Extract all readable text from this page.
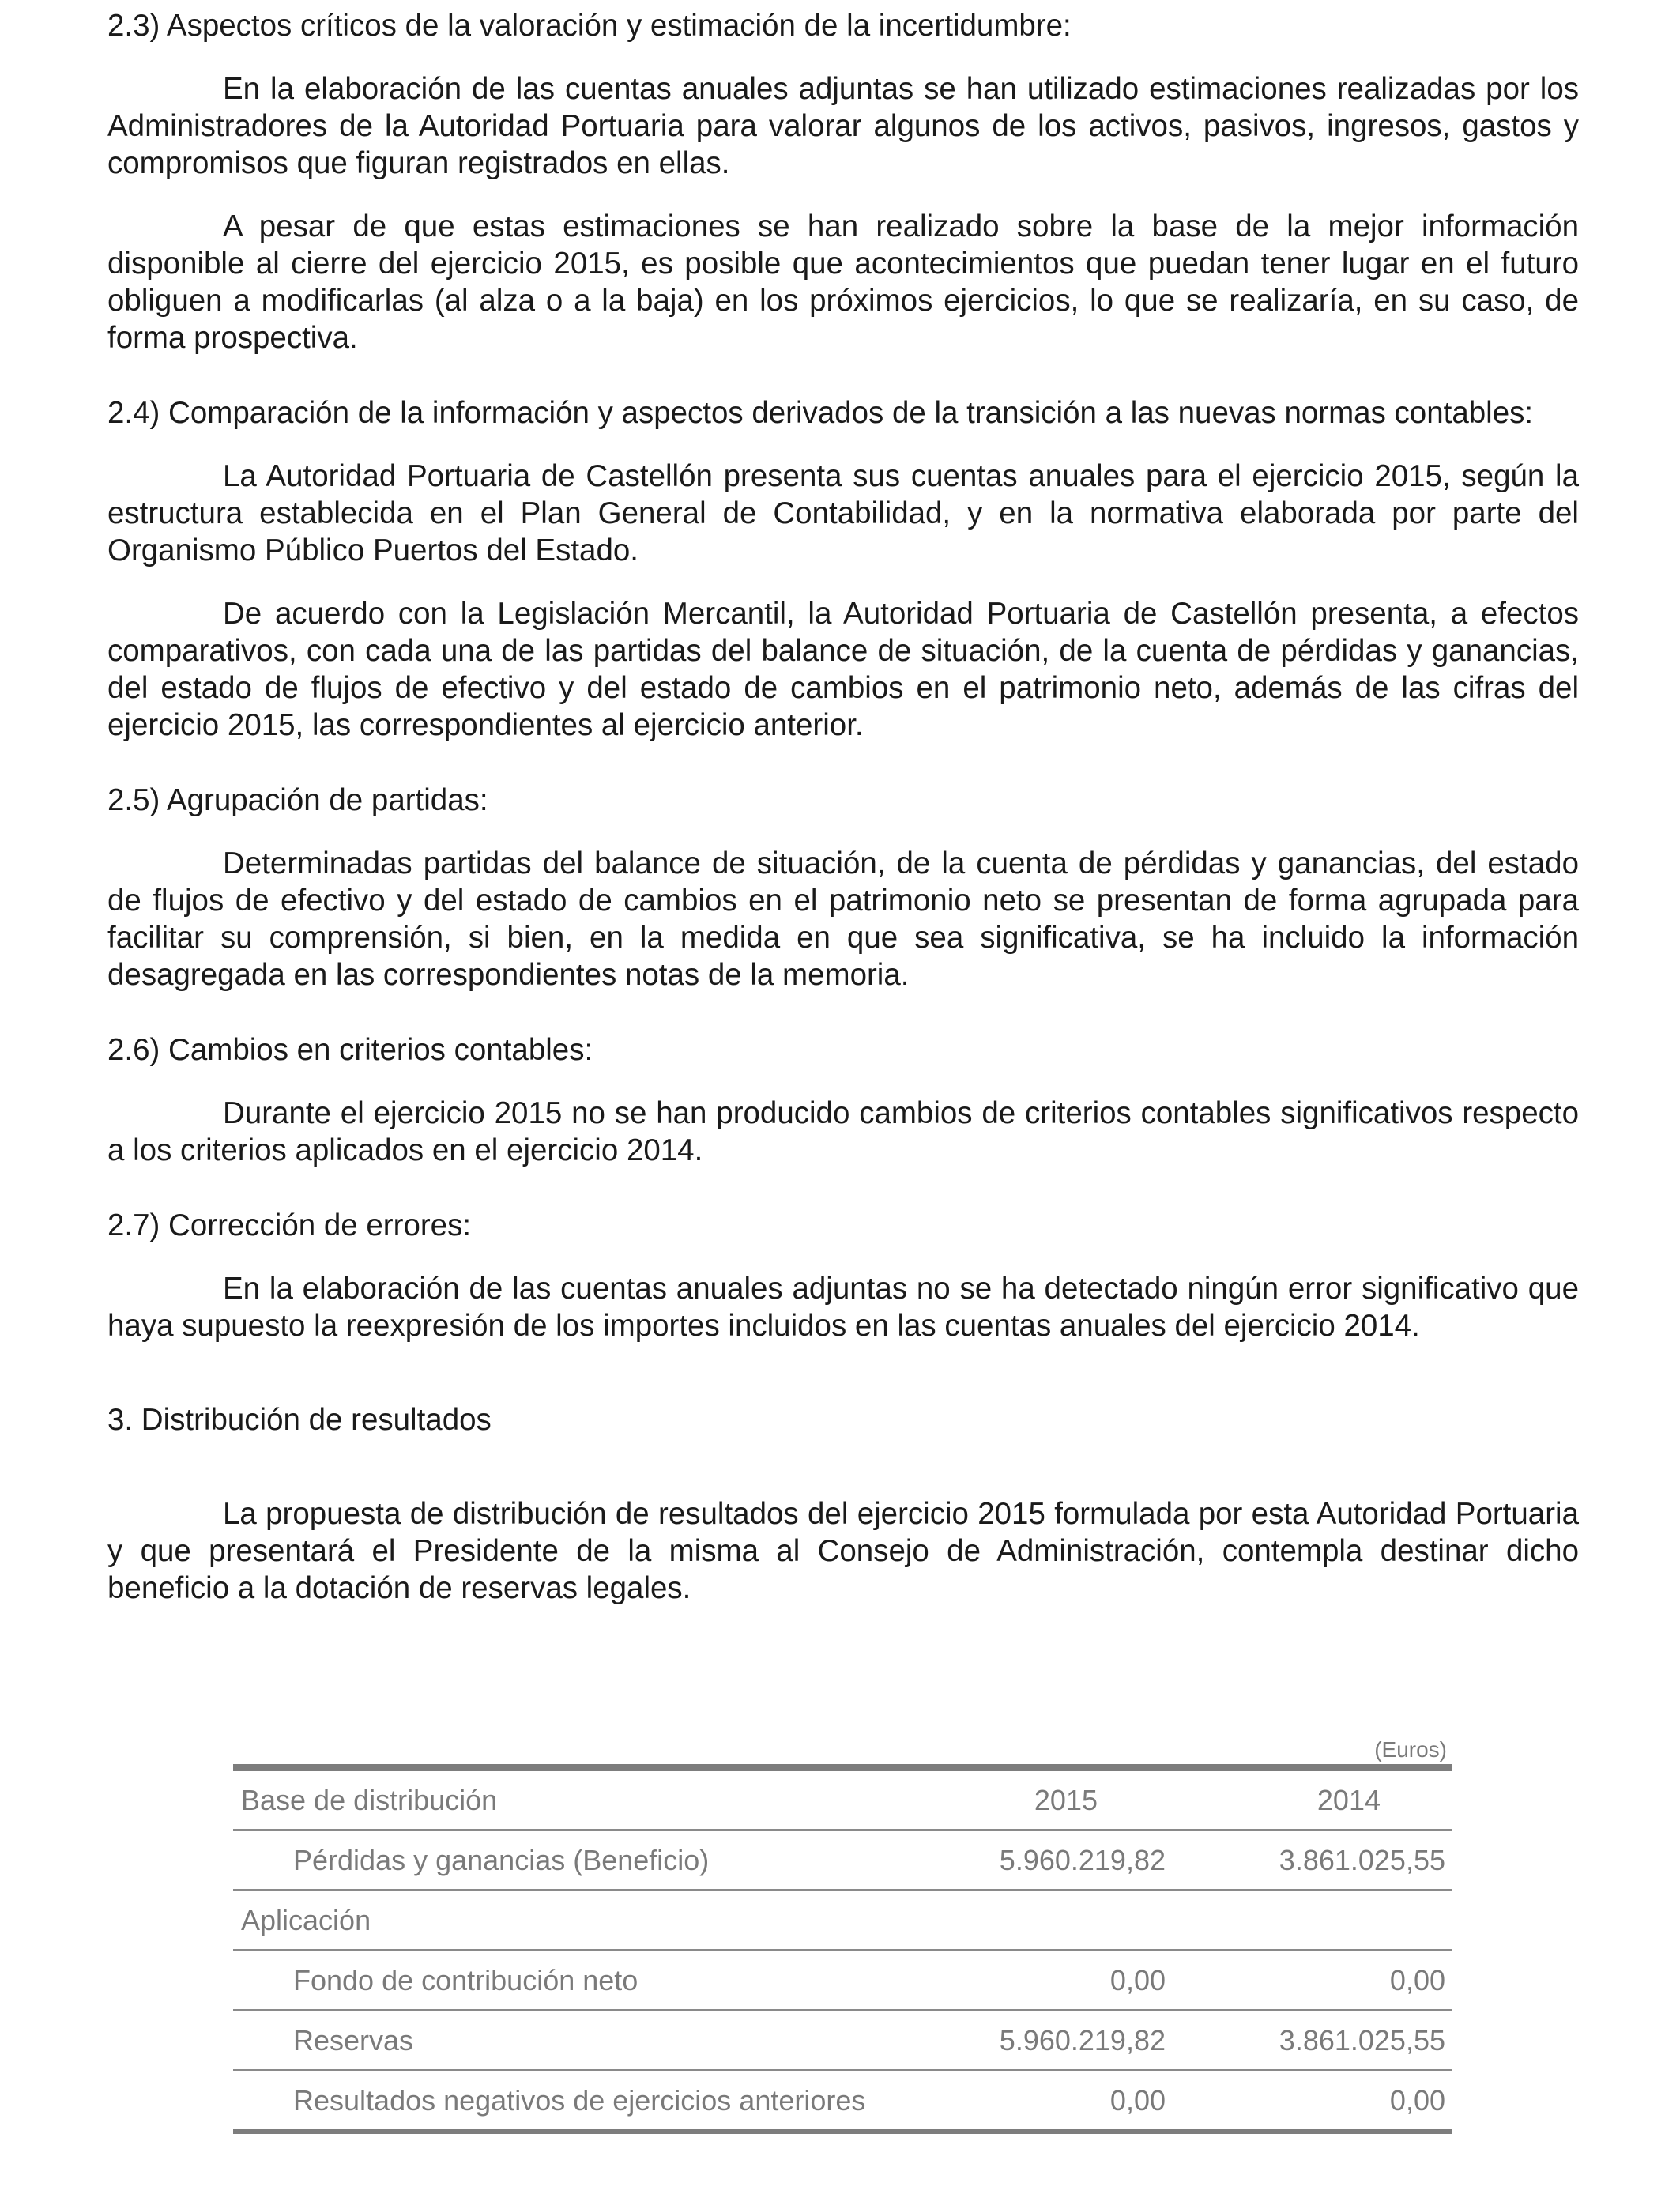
2.3) Aspectos críticos de la valoración y estimación de la incertidumbre:

En la elaboración de las cuentas anuales adjuntas se han utilizado estimaciones realizadas por los Administradores de la Autoridad Portuaria para valorar algunos de los activos, pasivos, ingresos, gastos y compromisos que figuran registrados en ellas.

A pesar de que estas estimaciones se han realizado sobre la base de la mejor información disponible al cierre del ejercicio 2015, es posible que acontecimientos que puedan tener lugar en el futuro obliguen a modificarlas (al alza o a la baja) en los próximos ejercicios, lo que se realizaría, en su caso, de forma prospectiva.

2.4) Comparación de la información y aspectos derivados de la transición a las nuevas normas contables:

La Autoridad Portuaria de Castellón presenta sus cuentas anuales para el ejercicio 2015, según la estructura establecida en el Plan General de Contabilidad, y en la normativa elaborada por parte del Organismo Público Puertos del Estado.

De acuerdo con la Legislación Mercantil, la Autoridad Portuaria de Castellón presenta, a efectos comparativos, con cada una de las partidas del balance de situación, de la cuenta de pérdidas y ganancias, del estado de flujos de efectivo y del estado de cambios en el patrimonio neto, además de las cifras del ejercicio 2015, las correspondientes al ejercicio anterior.

2.5) Agrupación de partidas:

Determinadas partidas del balance de situación, de la cuenta de pérdidas y ganancias, del estado de flujos de efectivo y del estado de cambios en el patrimonio neto se presentan de forma agrupada para facilitar su comprensión, si bien, en la medida en que sea significativa, se ha incluido la información desagregada en las correspondientes notas de la memoria.

2.6) Cambios en criterios contables:

Durante el ejercicio 2015 no se han producido cambios de criterios contables significativos respecto a los criterios aplicados en el ejercicio 2014.

2.7) Corrección de errores:

En la elaboración de las cuentas anuales adjuntas no se ha detectado ningún error significativo que haya supuesto la reexpresión de los importes incluidos en las cuentas anuales del ejercicio 2014.

3. Distribución de resultados

La propuesta de distribución de resultados del ejercicio 2015 formulada por esta Autoridad Portuaria y que presentará el Presidente de la misma al Consejo de Administración, contempla destinar dicho beneficio a la dotación de reservas legales.

(Euros)
Base de distribución	2015	2014
Pérdidas y ganancias (Beneficio)	5.960.219,82	3.861.025,55
Aplicación		
Fondo de contribución neto	0,00	0,00
Reservas	5.960.219,82	3.861.025,55
Resultados negativos de ejercicios anteriores	0,00	0,00
